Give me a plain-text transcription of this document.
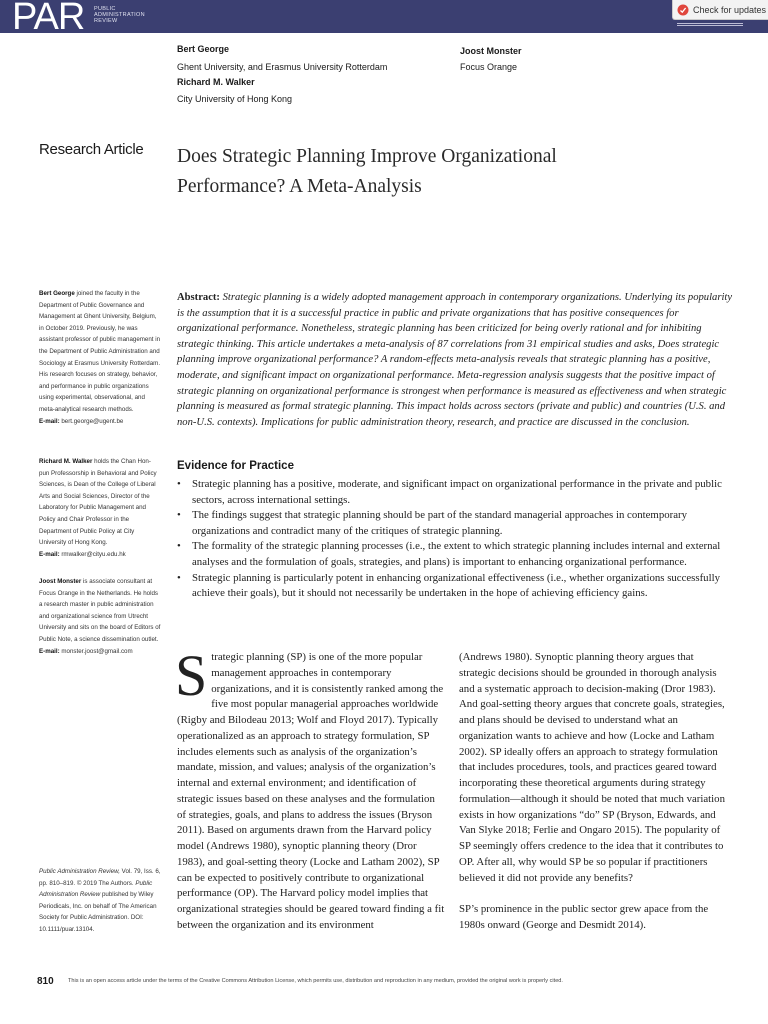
PAR PUBLIC ADMINISTRATION REVIEW
Check for updates
Bert George
Ghent University, and Erasmus University Rotterdam
Richard M. Walker
City University of Hong Kong
Joost Monster
Focus Orange
Research Article Does Strategic Planning Improve Organizational Performance? A Meta-Analysis
Bert George joined the faculty in the Department of Public Governance and Management at Ghent University, Belgium, in October 2019. Previously, he was assistant professor of public management in the Department of Public Administration and Sociology at Erasmus University Rotterdam. His research focuses on strategy, behavior, and performance in public organizations using experimental, observational, and meta-analytical research methods.
E-mail: bert.george@ugent.be
Richard M. Walker holds the Chan Hon-pun Professorship in Behavioral and Policy Sciences, is Dean of the College of Liberal Arts and Social Sciences, Director of the Laboratory for Public Management and Policy and Chair Professor in the Department of Public Policy at City University of Hong Kong.
E-mail: rmwalker@cityu.edu.hk
Joost Monster is associate consultant at Focus Orange in the Netherlands. He holds a research master in public administration and organizational science from Utrecht University and sits on the board of Editors of Public Note, a science dissemination outlet.
E-mail: monster.joost@gmail.com
Public Administration Review, Vol. 79, Iss. 6, pp. 810–819. © 2019 The Authors. Public Administration Review published by Wiley Periodicals, Inc. on behalf of The American Society for Public Administration. DOI: 10.1111/puar.13104.
Abstract: Strategic planning is a widely adopted management approach in contemporary organizations. Underlying its popularity is the assumption that it is a successful practice in public and private organizations that has positive consequences for organizational performance. Nonetheless, strategic planning has been criticized for being overly rational and for inhibiting strategic thinking. This article undertakes a meta-analysis of 87 correlations from 31 empirical studies and asks, Does strategic planning improve organizational performance? A random-effects meta-analysis reveals that strategic planning has a positive, moderate, and significant impact on organizational performance. Meta-regression analysis suggests that the positive impact of strategic planning on organizational performance is strongest when performance is measured as effectiveness and when strategic planning is measured as formal strategic planning. This impact holds across sectors (private and public) and countries (U.S. and non-U.S. contexts). Implications for public administration theory, research, and practice are discussed in the conclusion.
Evidence for Practice
• Strategic planning has a positive, moderate, and significant impact on organizational performance in the private and public sectors, across international settings.
• The findings suggest that strategic planning should be part of the standard managerial approaches in contemporary organizations and contradict many of the critiques of strategic planning.
• The formality of the strategic planning processes (i.e., the extent to which strategic planning includes internal and external analyses and the formulation of goals, strategies, and plans) is important to enhancing organizational performance.
• Strategic planning is particularly potent in enhancing organizational effectiveness (i.e., whether organizations successfully achieve their goals), but it should not necessarily be undertaken in the hope of achieving efficiency gains.

Strategic planning (SP) is one of the more popular management approaches in contemporary organizations, and it is consistently ranked among the five most popular managerial approaches worldwide (Rigby and Bilodeau 2013; Wolf and Floyd 2017). Typically operationalized as an approach to strategy formulation, SP includes elements such as analysis of the organization’s mandate, mission, and values; analysis of the organization’s internal and external environment; and identification of strategic issues based on these analyses and the formulation of strategies, goals, and plans to address the issues (Bryson 2011). Based on arguments drawn from the Harvard policy model (Andrews 1980), synoptic planning theory (Dror 1983), and goal-setting theory (Locke and Latham 2002), SP can be expected to positively contribute to organizational performance (OP). The Harvard policy model implies that organizational strategies should be geared toward finding a fit between the organization and its environment

(Andrews 1980). Synoptic planning theory argues that strategic decisions should be grounded in thorough analysis and a systematic approach to decision-making (Dror 1983). And goal-setting theory argues that concrete goals, strategies, and plans should be devised to understand what an organization wants to achieve and how (Locke and Latham 2002). SP ideally offers an approach to strategy formulation that includes procedures, tools, and practices geared toward incorporating these theoretical arguments during strategy formulation—although it should be noted that much variation exists in how organizations “do” SP (Bryson, Edwards, and Van Slyke 2018; Ferlie and Ongaro 2015). The popularity of SP seemingly offers credence to the idea that it contributes to OP. After all, why would SP be so popular if practitioners believed it did not provide any benefits?

SP’s prominence in the public sector grew apace from the 1980s onward (George and Desmidt 2014).

810	This is an open access article under the terms of the Creative Commons Attribution License, which permits use, distribution and reproduction in any medium, provided the original work is properly cited.
